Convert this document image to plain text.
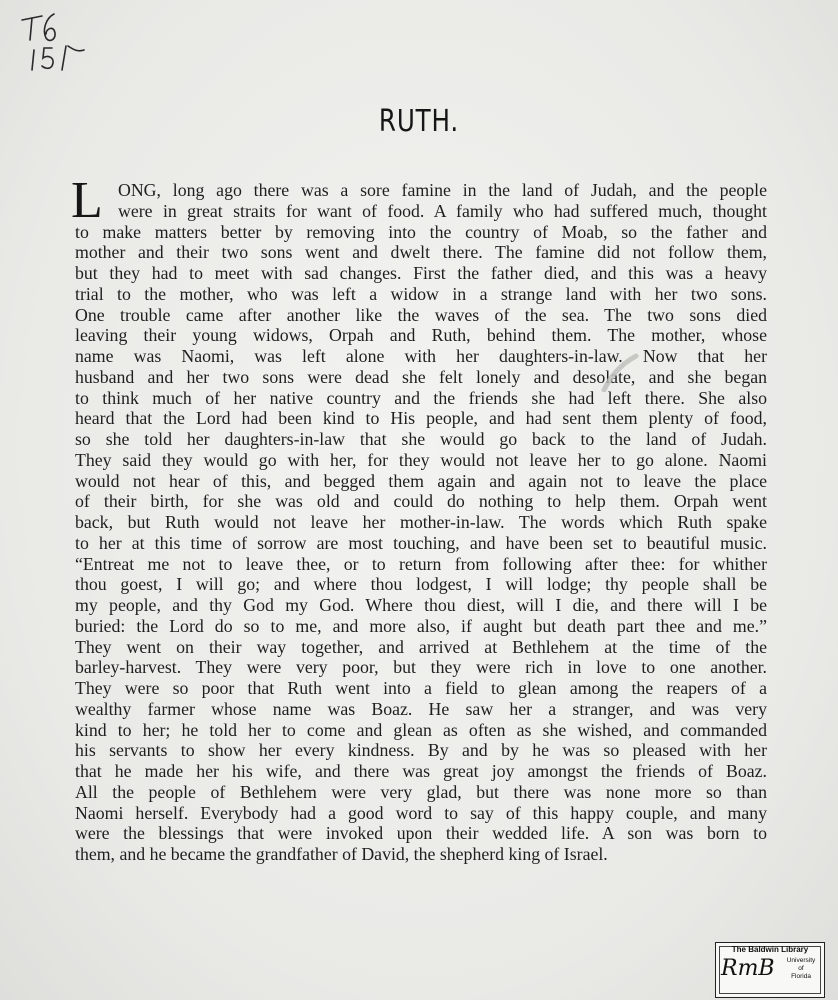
RUTH.
L ONG, long ago there was a sore famine in the land of Judah, and the people
were in great straits for want of food. A family who had suffered much, thought
to make matters better by removing into the country of Moab, so the father and
mother and their two sons went and dwelt there. The famine did not follow them,
but they had to meet with sad changes. First the father died, and this was a heavy
trial to the mother, who was left a widow in a strange land with her two sons.
One trouble came after another like the waves of the sea. The two sons died
leaving their young widows, Orpah and Ruth, behind them. The mother, whose
name was Naomi, was left alone with her daughters-in-law. Now that her
husband and her two sons were dead she felt lonely and desolate, and she began
to think much of her native country and the friends she had left there. She also
heard that the Lord had been kind to His people, and had sent them plenty of food,
so she told her daughters-in-law that she would go back to the land of Judah.
They said they would go with her, for they would not leave her to go alone. Naomi
would not hear of this, and begged them again and again not to leave the place
of their birth, for she was old and could do nothing to help them. Orpah went
back, but Ruth would not leave her mother-in-law. The words which Ruth spake
to her at this time of sorrow are most touching, and have been set to beautiful music.
“Entreat me not to leave thee, or to return from following after thee: for whither
thou goest, I will go; and where thou lodgest, I will lodge; thy people shall be
my people, and thy God my God. Where thou diest, will I die, and there will I be
buried: the Lord do so to me, and more also, if aught but death part thee and me.”
They went on their way together, and arrived at Bethlehem at the time of the
barley-harvest. They were very poor, but they were rich in love to one another.
They were so poor that Ruth went into a field to glean among the reapers of a
wealthy farmer whose name was Boaz. He saw her a stranger, and was very
kind to her; he told her to come and glean as often as she wished, and commanded
his servants to show her every kindness. By and by he was so pleased with her
that he made her his wife, and there was great joy amongst the friends of Boaz.
All the people of Bethlehem were very glad, but there was none more so than
Naomi herself. Everybody had a good word to say of this happy couple, and many
were the blessings that were invoked upon their wedded life. A son was born to
them, and he became the grandfather of David, the shepherd king of Israel.
The Baldwin Library
RmB	University
of
Florida
